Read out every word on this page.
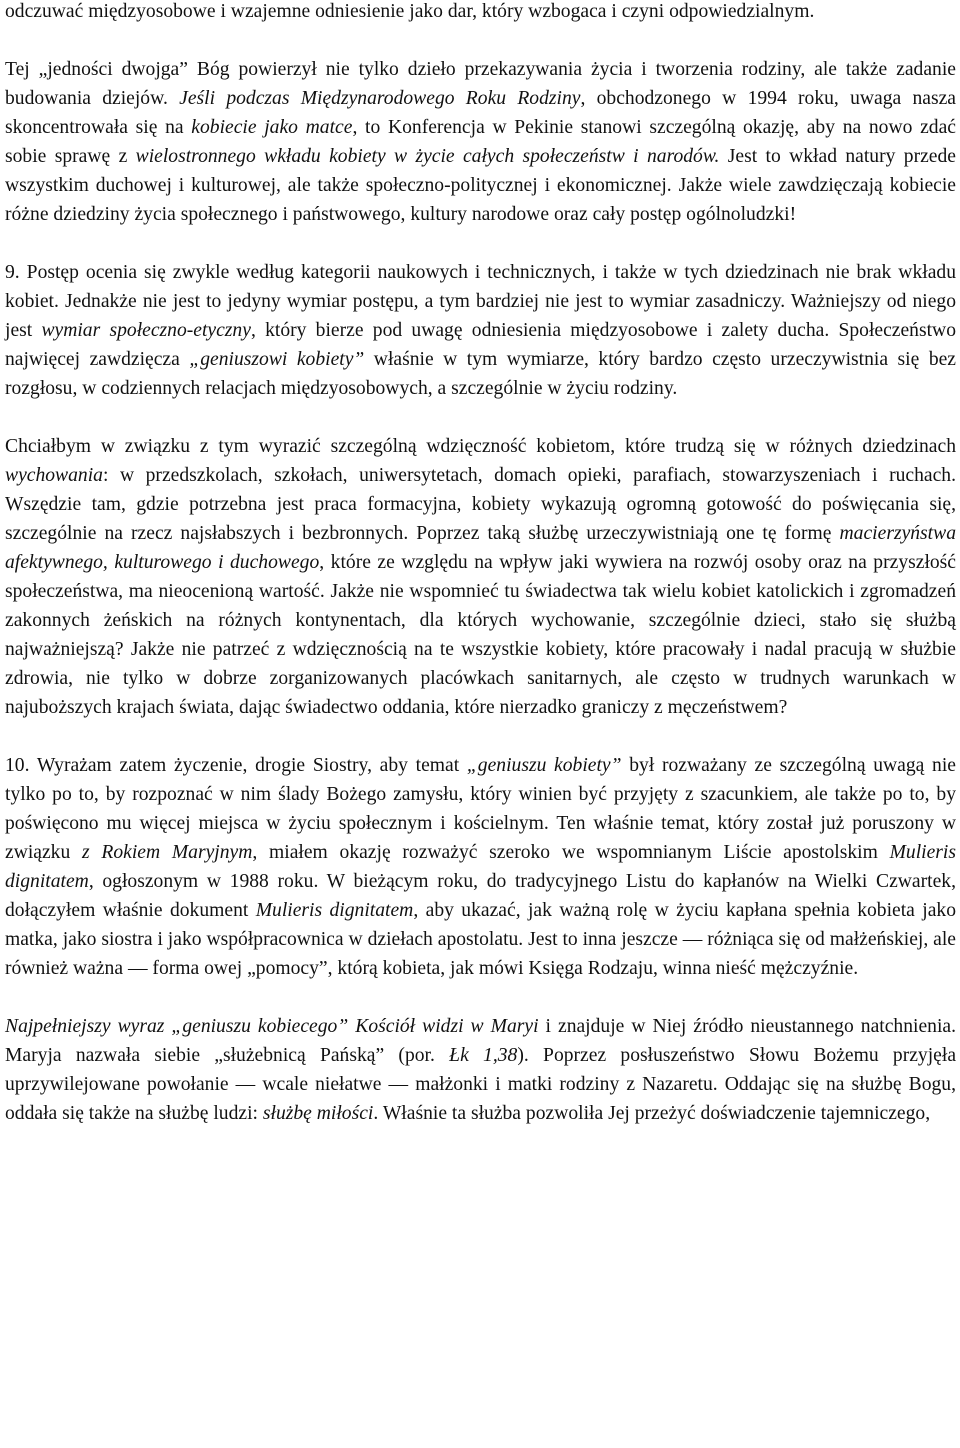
odczuwać międzyosobowe i wzajemne odniesienie jako dar, który wzbogaca i czyni odpowiedzialnym.

Tej „jedności dwojga” Bóg powierzył nie tylko dzieło przekazywania życia i tworzenia rodziny, ale także zadanie budowania dziejów. Jeśli podczas Międzynarodowego Roku Rodziny, obchodzonego w 1994 roku, uwaga nasza skoncentrowała się na kobiecie jako matce, to Konferencja w Pekinie stanowi szczególną okazję, aby na nowo zdać sobie sprawę z wielostronnego wkładu kobiety w życie całych społeczeństw i narodów. Jest to wkład natury przede wszystkim duchowej i kulturowej, ale także społeczno-politycznej i ekonomicznej. Jakże wiele zawdzięczają kobiecie różne dziedziny życia społecznego i państwowego, kultury narodowe oraz cały postęp ogólnoludzki!

9. Postęp ocenia się zwykle według kategorii naukowych i technicznych, i także w tych dziedzinach nie brak wkładu kobiet. Jednakże nie jest to jedyny wymiar postępu, a tym bardziej nie jest to wymiar zasadniczy. Ważniejszy od niego jest wymiar społeczno-etyczny, który bierze pod uwagę odniesienia międzyosobowe i zalety ducha. Społeczeństwo najwięcej zawdzięcza „geniuszowi kobiety” właśnie w tym wymiarze, który bardzo często urzeczywistnia się bez rozgłosu, w codziennych relacjach międzyosobowych, a szczególnie w życiu rodziny.

Chciałbym w związku z tym wyrazić szczególną wdzięczność kobietom, które trudzą się w różnych dziedzinach wychowania: w przedszkolach, szkołach, uniwersytetach, domach opieki, parafiach, stowarzyszeniach i ruchach. Wszędzie tam, gdzie potrzebna jest praca formacyjna, kobiety wykazują ogromną gotowość do poświęcania się, szczególnie na rzecz najsłabszych i bezbronnych. Poprzez taką służbę urzeczywistniają one tę formę macierzyństwa afektywnego, kulturowego i duchowego, które ze względu na wpływ jaki wywiera na rozwój osoby oraz na przyszłość społeczeństwa, ma nieocenioną wartość. Jakże nie wspomnieć tu świadectwa tak wielu kobiet katolickich i zgromadzeń zakonnych żeńskich na różnych kontynentach, dla których wychowanie, szczególnie dzieci, stało się służbą najważniejszą? Jakże nie patrzeć z wdzięcznością na te wszystkie kobiety, które pracowały i nadal pracują w służbie zdrowia, nie tylko w dobrze zorganizowanych placówkach sanitarnych, ale często w trudnych warunkach w najuboższych krajach świata, dając świadectwo oddania, które nierzadko graniczy z męczeństwem?

10. Wyrażam zatem życzenie, drogie Siostry, aby temat „geniuszu kobiety” był rozważany ze szczególną uwagą nie tylko po to, by rozpoznać w nim ślady Bożego zamysłu, który winien być przyjęty z szacunkiem, ale także po to, by poświęcono mu więcej miejsca w życiu społecznym i kościelnym. Ten właśnie temat, który został już poruszony w związku z Rokiem Maryjnym, miałem okazję rozważyć szeroko we wspomnianym Liście apostolskim Mulieris dignitatem, ogłoszonym w 1988 roku. W bieżącym roku, do tradycyjnego Listu do kapłanów na Wielki Czwartek, dołączyłem właśnie dokument Mulieris dignitatem, aby ukazać, jak ważną rolę w życiu kapłana spełnia kobieta jako matka, jako siostra i jako współpracownica w dziełach apostolatu. Jest to inna jeszcze — różniąca się od małżeńskiej, ale również ważna — forma owej „pomocy”, którą kobieta, jak mówi Księga Rodzaju, winna nieść mężczyźnie.

Najpełniejszy wyraz „geniuszu kobiecego” Kościół widzi w Maryi i znajduje w Niej źródło nieustannego natchnienia. Maryja nazwała siebie „służebnicą Pańską” (por. Łk 1,38). Poprzez posłuszeństwo Słowu Bożemu przyjęła uprzywilejowane powołanie — wcale niełatwe — małżonki i matki rodziny z Nazaretu. Oddając się na służbę Bogu, oddała się także na służbę ludzi: służbę miłości. Właśnie ta służba pozwoliła Jej przeżyć doświadczenie tajemniczego,
